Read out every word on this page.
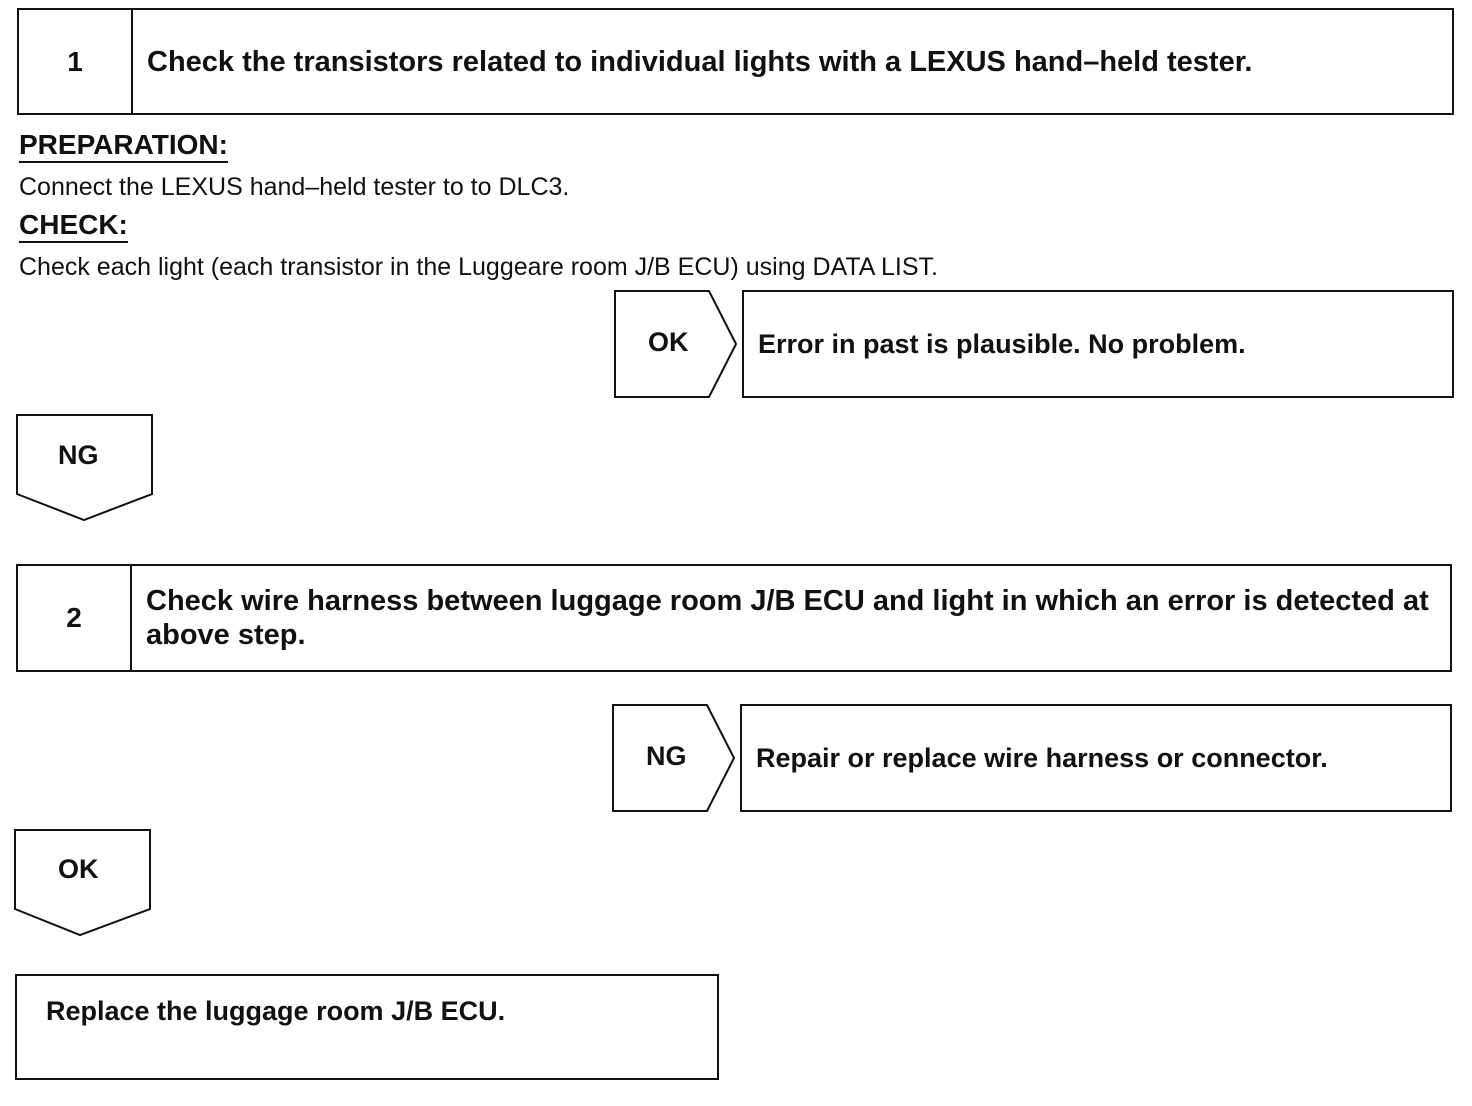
1	Check the transistors related to individual lights with a LEXUS hand–held tester.
PREPARATION:
Connect the LEXUS hand–held tester to to DLC3.
CHECK:
Check each light (each transistor in the Luggeare room J/B ECU) using DATA LIST.
OK	Error in past is plausible. No problem.
NG
2
Check wire harness between luggage room J/B ECU and light in which an error is detected at above step.
NG	Repair or replace wire harness or connector.
OK
Replace the luggage room J/B ECU.
